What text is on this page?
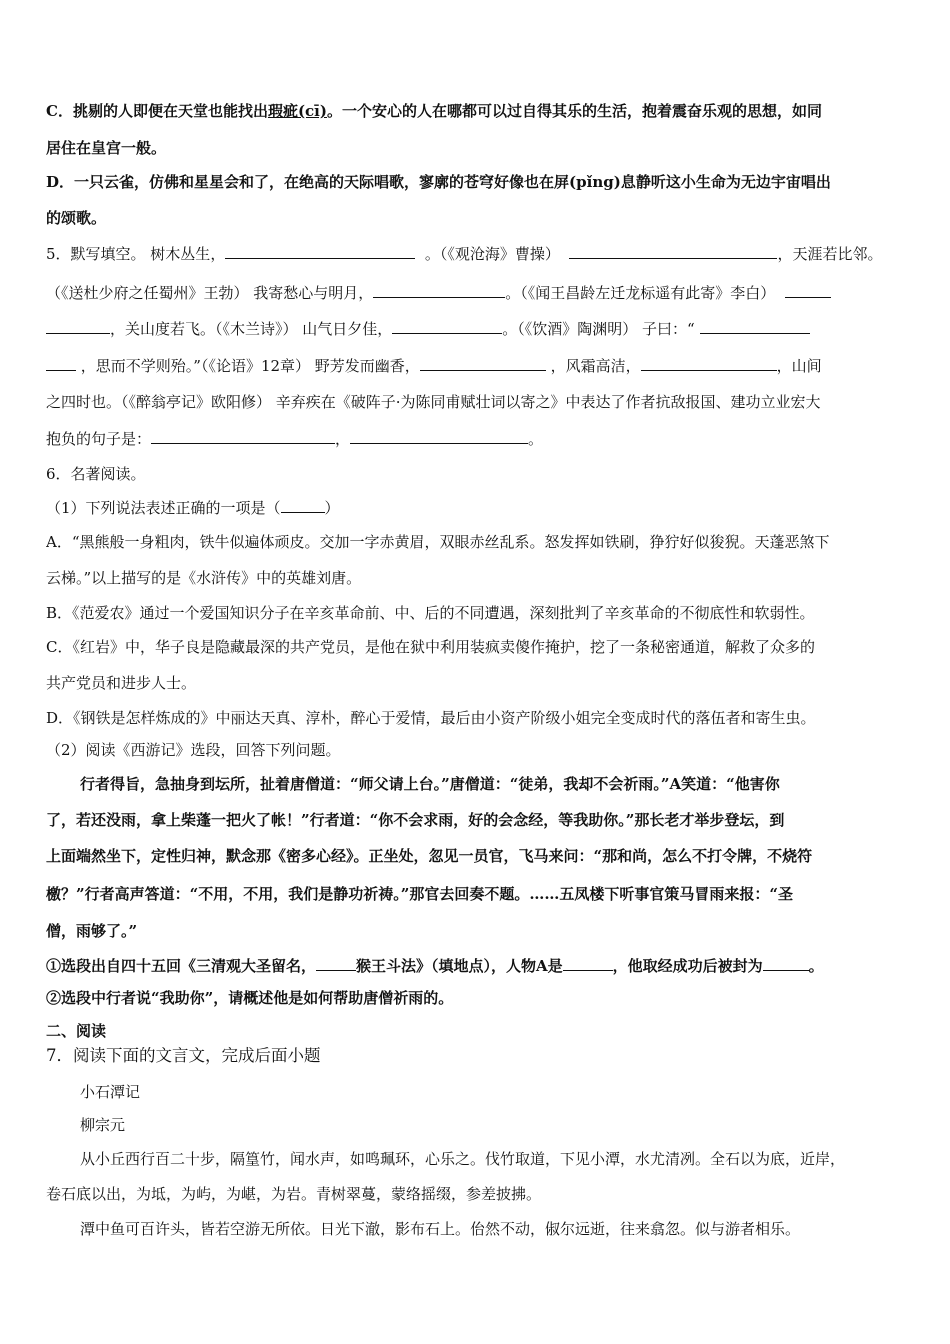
C．挑剔的人即便在天堂也能找出瑕疵(cī)。一个安心的人在哪都可以过自得其乐的生活，抱着震奋乐观的思想，如同
居住在皇宫一般。
D．一只云雀，仿佛和星星会和了，在绝高的天际唱歌，寥廓的苍穹好像也在屏(pǐng)息静听这小生命为无边宇宙唱出
的颂歌。
5．默写填空。 树木丛生，	。（《观沧海》曹操）	，天涯若比邻。
（《送杜少府之任蜀州》王勃） 我寄愁心与明月，	。（《闻王昌龄左迁龙标遥有此寄》李白）
，关山度若飞。（《木兰诗》） 山气日夕佳，	。（《饮酒》陶渊明） 子曰：“
，思而不学则殆。”（《论语》12章） 野芳发而幽香，	，风霜高洁，	，山间
之四时也。（《醉翁亭记》欧阳修） 辛弃疾在《破阵子·为陈同甫赋壮词以寄之》中表达了作者抗敌报国、建功立业宏大
抱负的句子是：	，	。
6．名著阅读。
（1）下列说法表述正确的一项是（	）
A．“黑熊般一身粗肉，铁牛似遍体顽皮。交加一字赤黄眉，双眼赤丝乱系。怒发挥如铁刷，狰狞好似狻猊。天蓬恶煞下
云梯。”以上描写的是《水浒传》中的英雄刘唐。
B．《范爱农》通过一个爱国知识分子在辛亥革命前、中、后的不同遭遇，深刻批判了辛亥革命的不彻底性和软弱性。
C．《红岩》中，华子良是隐藏最深的共产党员，是他在狱中利用装疯卖傻作掩护，挖了一条秘密通道，解救了众多的
共产党员和进步人士。
D．《钢铁是怎样炼成的》中丽达天真、淳朴，醉心于爱情，最后由小资产阶级小姐完全变成时代的落伍者和寄生虫。
（2）阅读《西游记》选段，回答下列问题。
行者得旨，急抽身到坛所，扯着唐僧道：“师父请上台。”唐僧道：“徒弟，我却不会祈雨。”A笑道：“他害你
了，若还没雨，拿上柴蓬一把火了帐！”行者道：“你不会求雨，好的会念经，等我助你。”那长老才举步登坛，到
上面端然坐下，定性归神，默念那《密多心经》。正坐处，忽见一员官，飞马来问：“那和尚，怎么不打令牌，不烧符
檄？”行者高声答道：“不用，不用，我们是静功祈祷。”那官去回奏不题。……五凤楼下听事官策马冒雨来报：“圣
僧，雨够了。”
①选段出自四十五回《三清观大圣留名，	猴王斗法》（填地点），人物A是	，他取经成功后被封为	。
②选段中行者说“我助你”，请概述他是如何帮助唐僧祈雨的。
二、阅读
7．阅读下面的文言文，完成后面小题
小石潭记
柳宗元
从小丘西行百二十步，隔篁竹，闻水声，如鸣珮环，心乐之。伐竹取道，下见小潭，水尤清冽。全石以为底，近岸，
卷石底以出，为坻，为屿，为嵁，为岩。青树翠蔓，蒙络摇缀，参差披拂。
潭中鱼可百许头，皆若空游无所依。日光下澈，影布石上。佁然不动，俶尔远逝，往来翕忽。似与游者相乐。
